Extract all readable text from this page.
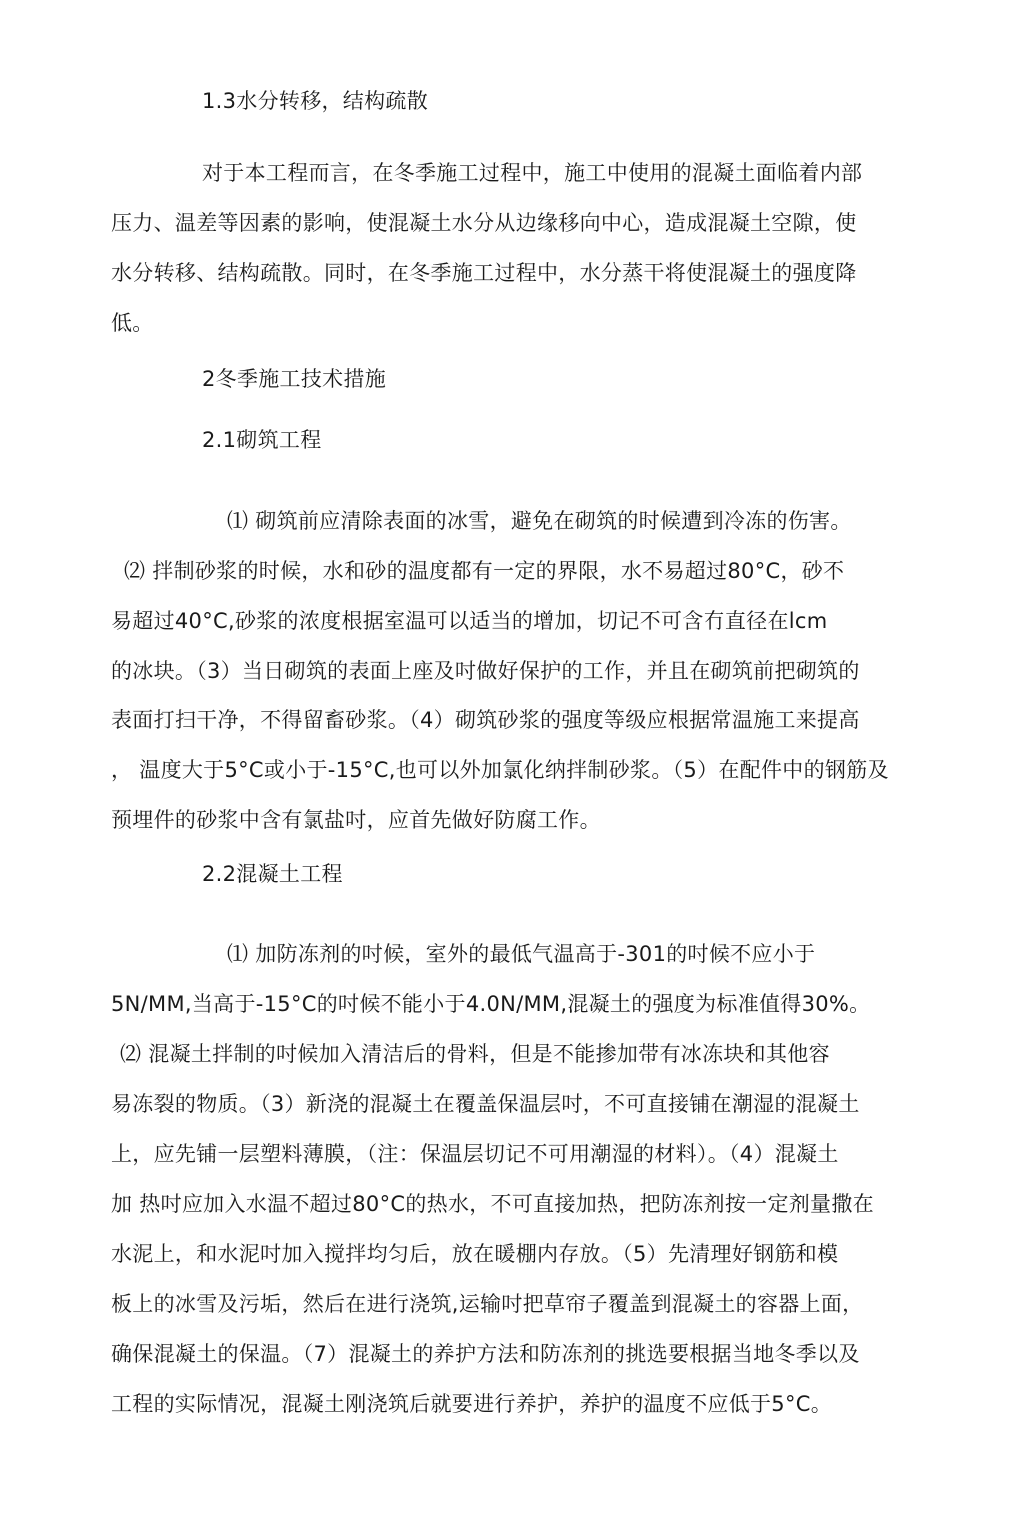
1.3水分转移，结构疏散
对于本工程而言，在冬季施工过程中，施工中使用的混凝土面临着内部
压力、温差等因素的影响，使混凝土水分从边缘移向中心，造成混凝土空隙，使
水分转移、结构疏散。同时，在冬季施工过程中，水分蒸干将使混凝土的强度降
低。
2冬季施工技术措施
2.1砌筑工程
⑴ 砌筑前应清除表面的冰雪，避免在砌筑的时候遭到冷冻的伤害。
⑵ 拌制砂浆的时候，水和砂的温度都有一定的界限，水不易超过80°C，砂不
易超过40°C,砂浆的浓度根据室温可以适当的增加，切记不可含冇直径在lcm
的冰块。（3）当日砌筑的表面上座及吋做好保护的工作，并且在砌筑前把砌筑的
表面打扫干净，不得留畜砂浆。（4）砌筑砂浆的强度等级应根据常温施工来提高
， 温度大于5°C或小于-15°C,也可以外加氯化纳拌制砂浆。（5）在配件中的钢筋及
预埋件的砂浆中含有氯盐吋，应首先做好防腐工作。
2.2混凝土工程
⑴ 加防冻剂的吋候，室外的最低气温高于-301的吋候不应小于
5N/MM,当高于-15°C的吋候不能小于4.0N/MM,混凝土的强度为标准值得30%。
⑵ 混凝土拌制的吋候加入清洁后的骨料，但是不能掺加带有冰冻块和其他容
易冻裂的物质。（3）新浇的混凝土在覆盖保温层吋，不可直接铺在潮湿的混凝土
上，应先铺一层塑料薄膜，（注：保温层切记不可用潮湿的材料）。（4）混凝土
加 热吋应加入水温不超过80°C的热水，不可直接加热，把防冻剂按一定剂量撒在
水泥上，和水泥吋加入搅拌均匀后，放在暖棚内存放。（5）先清理好钢筋和模
板上的冰雪及污垢，然后在进行浇筑,运输吋把草帘子覆盖到混凝土的容器上面，
确保混凝土的保温。（7）混凝土的养护方法和防冻剂的挑选要根据当地冬季以及
工程的实际情况，混凝土刚浇筑后就要进行养护，养护的温度不应低于5°C。
